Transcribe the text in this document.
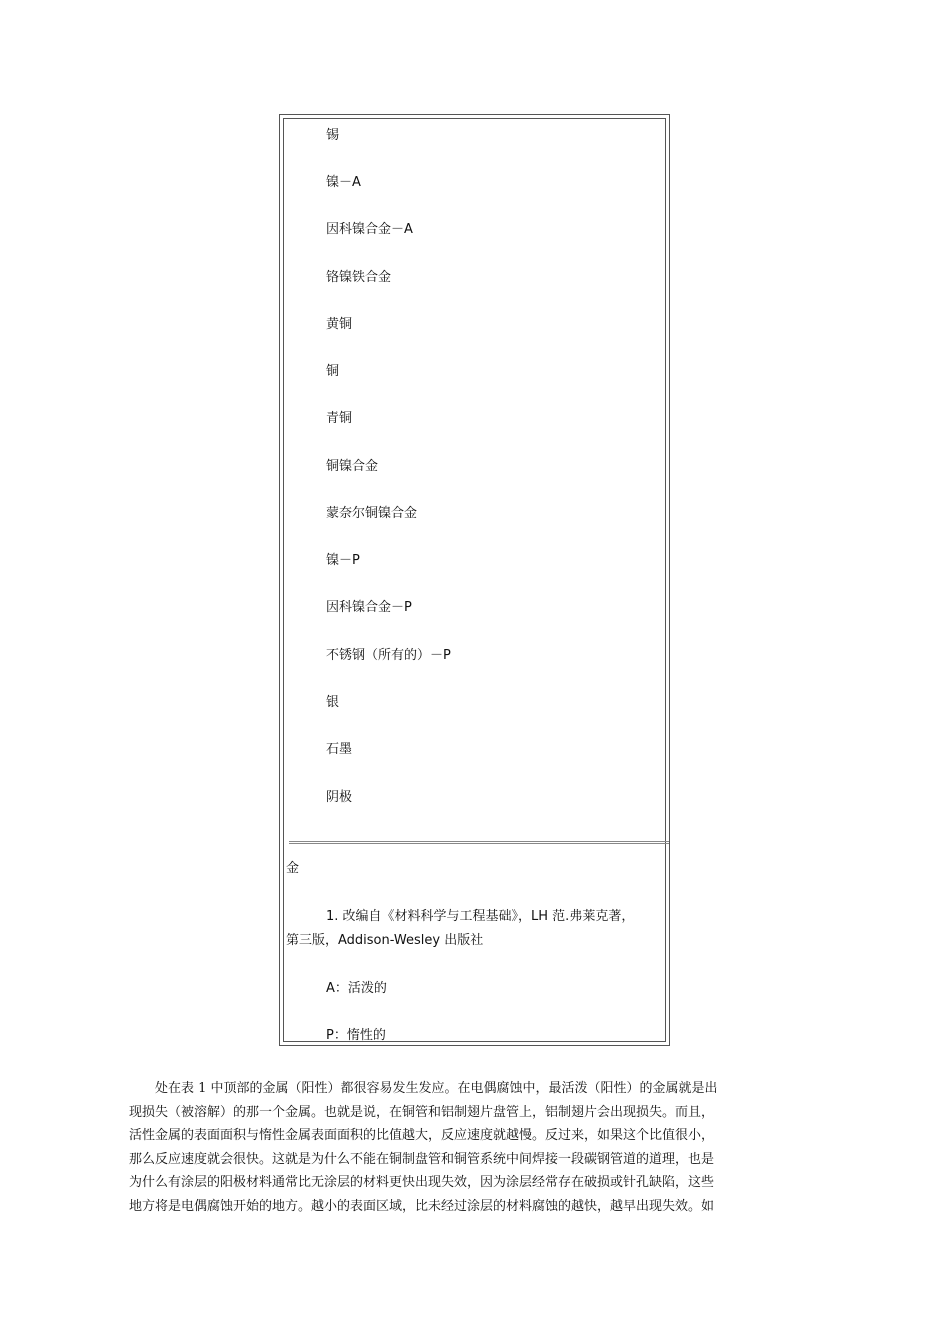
锡
镍－A
因科镍合金－A
铬镍铁合金
黄铜
铜
青铜
铜镍合金
蒙奈尔铜镍合金
镍－P
因科镍合金－P
不锈钢（所有的）－P
银
石墨
阴极
金
1. 改编自《材料科学与工程基础》，LH 范.弗莱克著，
第三版，Addison-Wesley 出版社
A：活泼的
P：惰性的
处在表 1 中顶部的金属（阳性）都很容易发生发应。在电偶腐蚀中，最活泼（阳性）的金属就是出
现损失（被溶解）的那一个金属。也就是说，在铜管和铝制翅片盘管上，铝制翅片会出现损失。而且，
活性金属的表面面积与惰性金属表面面积的比值越大，反应速度就越慢。反过来，如果这个比值很小，
那么反应速度就会很快。这就是为什么不能在铜制盘管和铜管系统中间焊接一段碳钢管道的道理，也是
为什么有涂层的阳极材料通常比无涂层的材料更快出现失效，因为涂层经常存在破损或针孔缺陷，这些
地方将是电偶腐蚀开始的地方。越小的表面区域，比未经过涂层的材料腐蚀的越快，越早出现失效。如
